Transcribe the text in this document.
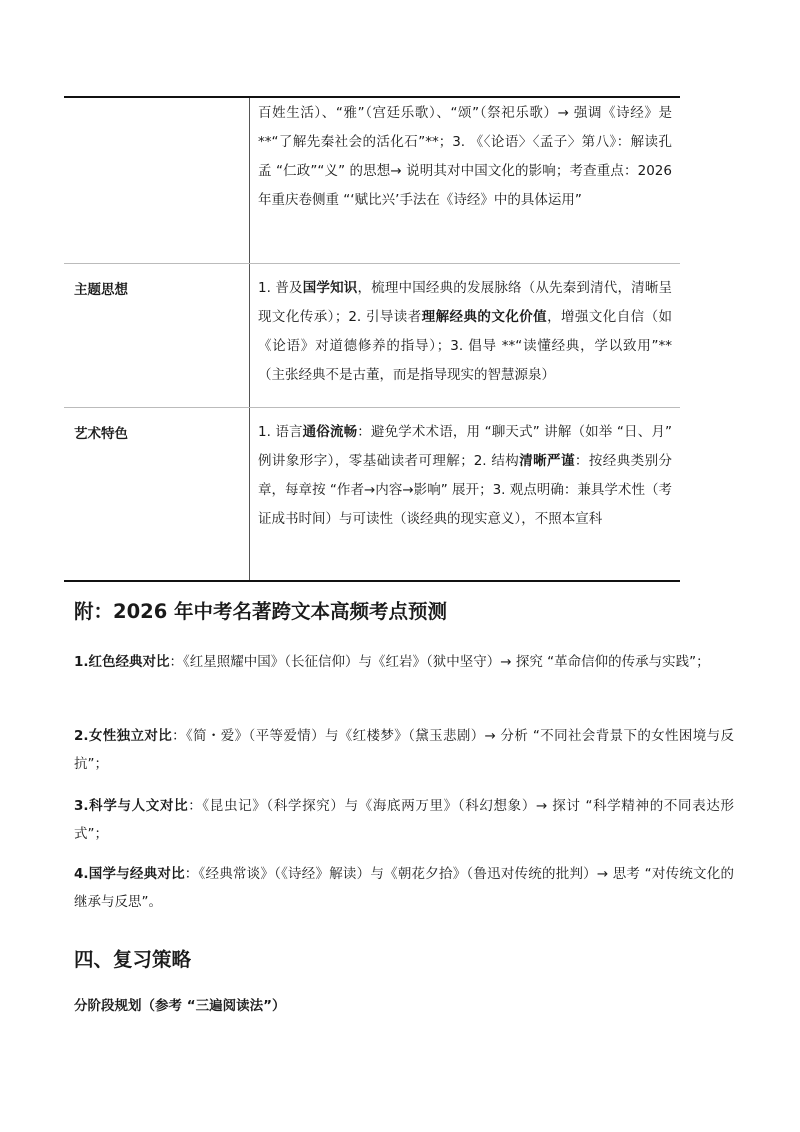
百姓生活）、“雅”（宫廷乐歌）、“颂”（祭祀乐歌）→ 强调《诗经》是 **“了解先秦社会的活化石”**；3. 《〈论语〉〈孟子〉第八》：解读孔孟 “仁政”“义” 的思想→ 说明其对中国文化的影响；考查重点：2026 年重庆卷侧重 “‘赋比兴’手法在《诗经》中的具体运用”

主题思想	1. 普及国学知识，梳理中国经典的发展脉络（从先秦到清代，清晰呈现文化传承）；2. 引导读者理解经典的文化价值，增强文化自信（如《论语》对道德修养的指导）；3. 倡导 **“读懂经典，学以致用”**（主张经典不是古董，而是指导现实的智慧源泉）

艺术特色	1. 语言通俗流畅：避免学术术语，用 “聊天式” 讲解（如举 “日、月” 例讲象形字），零基础读者可理解；2. 结构清晰严谨：按经典类别分章，每章按 “作者→内容→影响” 展开；3. 观点明确：兼具学术性（考证成书时间）与可读性（谈经典的现实意义），不照本宣科

附：2026 年中考名著跨文本高频考点预测

1.红色经典对比：《红星照耀中国》（长征信仰）与《红岩》（狱中坚守）→ 探究 “革命信仰的传承与实践”；

2.女性独立对比：《简・爱》（平等爱情）与《红楼梦》（黛玉悲剧）→ 分析 “不同社会背景下的女性困境与反抗”；

3.科学与人文对比：《昆虫记》（科学探究）与《海底两万里》（科幻想象）→ 探讨 “科学精神的不同表达形式”；

4.国学与经典对比：《经典常谈》（《诗经》解读）与《朝花夕拾》（鲁迅对传统的批判）→ 思考 “对传统文化的继承与反思”。

四、复习策略

分阶段规划（参考 “三遍阅读法”）
